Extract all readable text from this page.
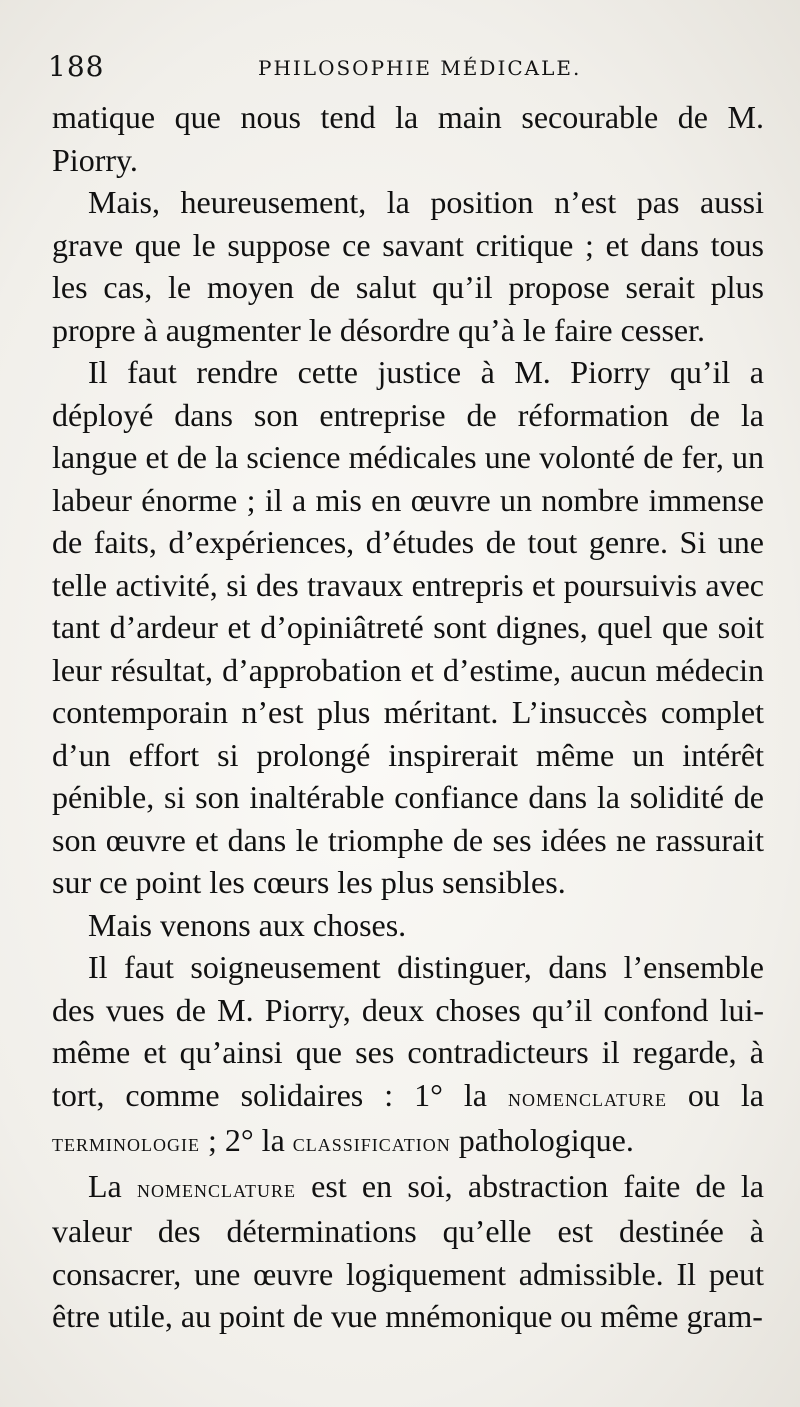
188	PHILOSOPHIE MÉDICALE.

matique que nous tend la main secourable de M. Piorry.

Mais, heureusement, la position n’est pas aussi grave que le suppose ce savant critique ; et dans tous les cas, le moyen de salut qu’il propose serait plus propre à augmenter le désordre qu’à le faire cesser.

Il faut rendre cette justice à M. Piorry qu’il a déployé dans son entreprise de réformation de la langue et de la science médicales une volonté de fer, un labeur énorme ; il a mis en œuvre un nombre immense de faits, d’expériences, d’études de tout genre. Si une telle activité, si des travaux entrepris et poursuivis avec tant d’ardeur et d’opiniâtreté sont dignes, quel que soit leur résultat, d’approbation et d’estime, aucun médecin contemporain n’est plus méritant. L’insuccès complet d’un effort si prolongé inspirerait même un intérêt pénible, si son inaltérable confiance dans la solidité de son œuvre et dans le triomphe de ses idées ne rassurait sur ce point les cœurs les plus sensibles.

Mais venons aux choses.

Il faut soigneusement distinguer, dans l’ensemble des vues de M. Piorry, deux choses qu’il confond lui-même et qu’ainsi que ses contradicteurs il regarde, à tort, comme solidaires : 1° la nomenclature ou la terminologie ; 2° la classification pathologique.

La nomenclature est en soi, abstraction faite de la valeur des déterminations qu’elle est destinée à consacrer, une œuvre logiquement admissible. Il peut être utile, au point de vue mnémonique ou même gram-
